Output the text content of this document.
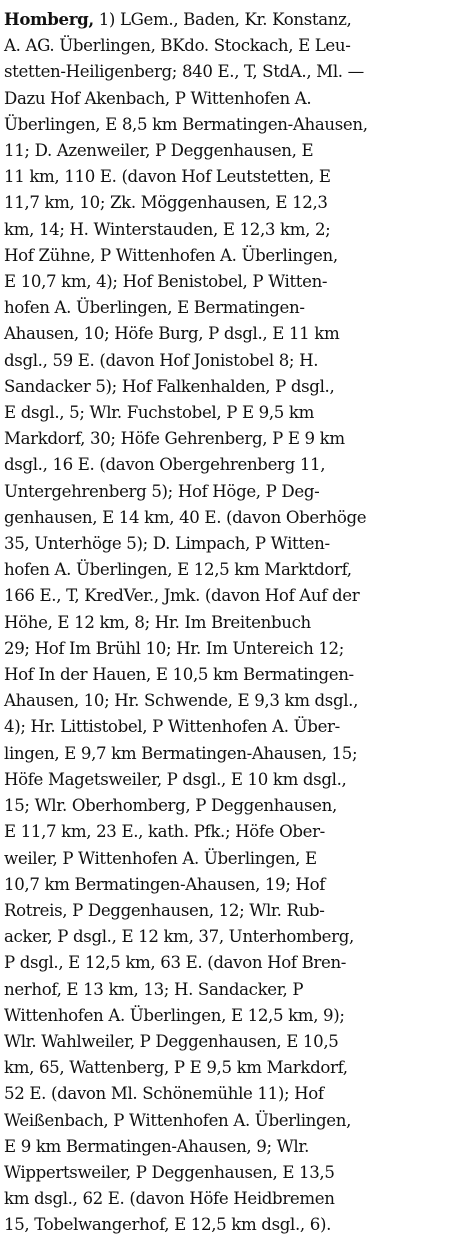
Homberg, 1) LGem., Baden, Kr. Konstanz,
A. AG. Überlingen, BKdo. Stockach, E Leu-
stetten-Heiligenberg; 840 E., T, StdA., Ml. —
Dazu Hof Akenbach, P Wittenhofen A.
Überlingen, E 8,5 km Bermatingen-Ahausen,
11; D. Azenweiler, P Deggenhausen, E
11 km, 110 E. (davon Hof Leutstetten, E
11,7 km, 10; Zk. Möggenhausen, E 12,3
km, 14; H. Winterstauden, E 12,3 km, 2;
Hof Zühne, P Wittenhofen A. Überlingen,
E 10,7 km, 4); Hof Benistobel, P Witten-
hofen A. Überlingen, E Bermatingen-
Ahausen, 10; Höfe Burg, P dsgl., E 11 km
dsgl., 59 E. (davon Hof Jonistobel 8; H.
Sandacker 5); Hof Falkenhalden, P dsgl.,
E dsgl., 5; Wlr. Fuchstobel, P E 9,5 km
Markdorf, 30; Höfe Gehrenberg, P E 9 km
dsgl., 16 E. (davon Obergehrenberg 11,
Untergehrenberg 5); Hof Höge, P Deg-
genhausen, E 14 km, 40 E. (davon Oberhöge
35, Unterhöge 5); D. Limpach, P Witten-
hofen A. Überlingen, E 12,5 km Marktdorf,
166 E., T, KredVer., Jmk. (davon Hof Auf der
Höhe, E 12 km, 8; Hr. Im Breitenbuch
29; Hof Im Brühl 10; Hr. Im Untereich 12;
Hof In der Hauen, E 10,5 km Bermatingen-
Ahausen, 10; Hr. Schwende, E 9,3 km dsgl.,
4); Hr. Littistobel, P Wittenhofen A. Über-
lingen, E 9,7 km Bermatingen-Ahausen, 15;
Höfe Magetsweiler, P dsgl., E 10 km dsgl.,
15; Wlr. Oberhomberg, P Deggenhausen,
E 11,7 km, 23 E., kath. Pfk.; Höfe Ober-
weiler, P Wittenhofen A. Überlingen, E
10,7 km Bermatingen-Ahausen, 19; Hof
Rotreis, P Deggenhausen, 12; Wlr. Rub-
acker, P dsgl., E 12 km, 37, Unterhomberg,
P dsgl., E 12,5 km, 63 E. (davon Hof Bren-
nerhof, E 13 km, 13; H. Sandacker, P
Wittenhofen A. Überlingen, E 12,5 km, 9);
Wlr. Wahlweiler, P Deggenhausen, E 10,5
km, 65, Wattenberg, P E 9,5 km Markdorf,
52 E. (davon Ml. Schönemühle 11); Hof
Weißenbach, P Wittenhofen A. Überlingen,
E 9 km Bermatingen-Ahausen, 9; Wlr.
Wippertsweiler, P Deggenhausen, E 13,5
km dsgl., 62 E. (davon Höfe Heidbremen
15, Tobelwangerhof, E 12,5 km dsgl., 6).
